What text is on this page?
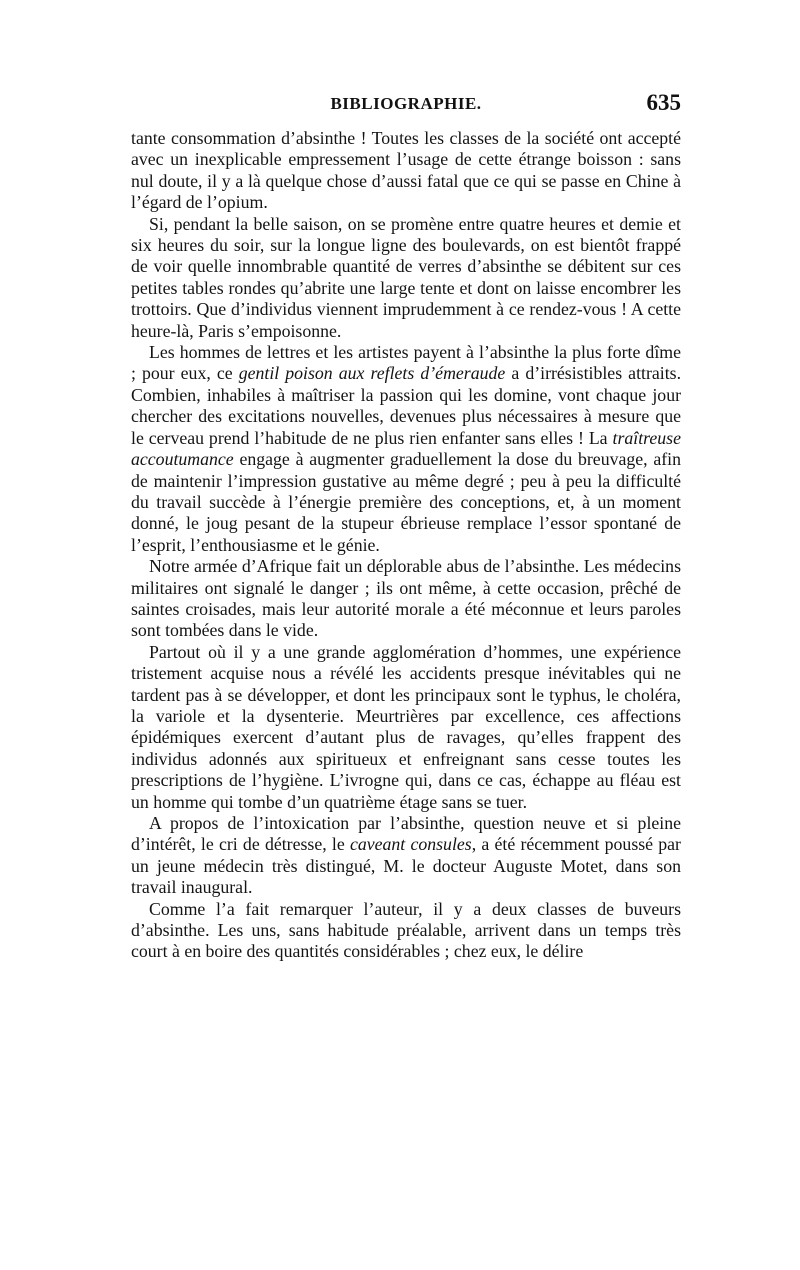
BIBLIOGRAPHIE.	635

tante consommation d’absinthe ! Toutes les classes de la société ont accepté avec un inexplicable empressement l’usage de cette étrange boisson : sans nul doute, il y a là quelque chose d’aussi fatal que ce qui se passe en Chine à l’égard de l’opium.

Si, pendant la belle saison, on se promène entre quatre heures et demie et six heures du soir, sur la longue ligne des boulevards, on est bientôt frappé de voir quelle innombrable quantité de verres d’absinthe se débitent sur ces petites tables rondes qu’abrite une large tente et dont on laisse encombrer les trottoirs. Que d’individus viennent imprudemment à ce rendez-vous ! A cette heure-là, Paris s’empoisonne.

Les hommes de lettres et les artistes payent à l’absinthe la plus forte dîme ; pour eux, ce gentil poison aux reflets d’émeraude a d’irrésistibles attraits. Combien, inhabiles à maîtriser la passion qui les domine, vont chaque jour chercher des excitations nouvelles, devenues plus nécessaires à mesure que le cerveau prend l’habitude de ne plus rien enfanter sans elles ! La traîtreuse accoutumance engage à augmenter graduellement la dose du breuvage, afin de maintenir l’impression gustative au même degré ; peu à peu la difficulté du travail succède à l’énergie première des conceptions, et, à un moment donné, le joug pesant de la stupeur ébrieuse remplace l’essor spontané de l’esprit, l’enthousiasme et le génie.

Notre armée d’Afrique fait un déplorable abus de l’absinthe. Les médecins militaires ont signalé le danger ; ils ont même, à cette occasion, prêché de saintes croisades, mais leur autorité morale a été méconnue et leurs paroles sont tombées dans le vide.

Partout où il y a une grande agglomération d’hommes, une expérience tristement acquise nous a révélé les accidents presque inévitables qui ne tardent pas à se développer, et dont les principaux sont le typhus, le choléra, la variole et la dysenterie. Meurtrières par excellence, ces affections épidémiques exercent d’autant plus de ravages, qu’elles frappent des individus adonnés aux spiritueux et enfreignant sans cesse toutes les prescriptions de l’hygiène. L’ivrogne qui, dans ce cas, échappe au fléau est un homme qui tombe d’un quatrième étage sans se tuer.

A propos de l’intoxication par l’absinthe, question neuve et si pleine d’intérêt, le cri de détresse, le caveant consules, a été récemment poussé par un jeune médecin très distingué, M. le docteur Auguste Motet, dans son travail inaugural.

Comme l’a fait remarquer l’auteur, il y a deux classes de buveurs d’absinthe. Les uns, sans habitude préalable, arrivent dans un temps très court à en boire des quantités considérables ; chez eux, le délire
